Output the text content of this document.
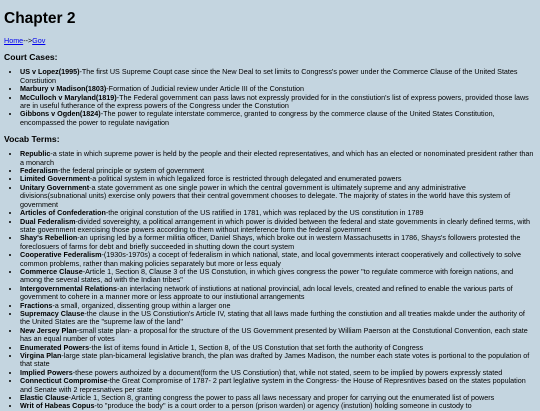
Chapter 2
Home-->Gov
Court Cases:
• US v Lopez(1995)-The first US Supreme Coupt case since the New Deal to set limits to Congress's power under the Commerce Clause of the United States Constiution
• Marbury v Madison(1803)-Formation of Judicial review under Article III of the Constution
• McCulloch v Maryland(1819)-The Federal government can pass laws not expressly provided for in the constiution's list of express powers, provided those laws are in useful futherance of the express powers of the Congress under the Constution
• Gibbons v Ogden(1824)-The power to regulate interstate commerce, granted to congress by the commerce clause of the United States Constitution, encompassed the power to regulate navigation
Vocab Terms:
• Republic-a state in which supreme power is held by the people and their elected representatives, and which has an elected or nonominated president rather than a monarch
• Federalism-the federal principle or system of government
• Limited Government-a political system in which legalized force is restricted through delegated and enumerated powers
• Unitary Government-a state government as one single power in which the central government is ultimately supreme and any administrative divisions(subnational units) exercise only powers that their central government chooses to delegate. The majority of states in the world have this system of government
• Articles of Confederation-the original constution of the US ratified in 1781, which was replaced by the US constitution in 1789
• Dual Federalism-divided sovereighty, a political arrangement in which power is divided between the federal and state governments in clearly defined terms, with state government exercising those powers according to them without interference form the federal government
• Shay's Rebellion-an uprising led by a former militia officer, Daniel Shays, which broke out in western Massachusetts in 1786, Shays's followers protested the foreclosuers of farms for debt and briefly succeeded in shutting down the court system
• Cooperative Federalism-(1930s-1970s) a cocept of federalism in which national, state, and local governments interact cooperatively and collectively to solve common problems, rather than making policies separately but more or less equaly
• Commerce Clause-Article 1, Section 8, Clause 3 of the US Constution, in which gives congress the power "to regulate commerce with foreign nations, and among the several states, ad with the Indian tribes"
• Intergovernmental Relations-an interlacing network of instiutions at national provincial, adn local levels, created and refined to enable the various parts of government to cohere in a manner more or less approate to our instiutional arrangements
• Fractions-a small, organized, dissenting group within a larger one
• Supremacy Clause-the clause in the US Constiution's Article IV, stating that all laws made furthing the constiution and all treaties makde under the authority of the United States are the "supreme law of the land"
• New Jersey Plan-small state plan- a proposal for the structure of the US Government presented by William Paerson at the Constutional Convention, each state has an equal number of votes
• Enumerated Powers-the list of items found in Article 1, Section 8, of the US Constution that set forth the authority of Congress
• Virgina Plan-large state plan-bicameral legislative branch, the plan was drafted by James Madison, the number each state votes is portional to the population of that state
• Implied Powers-these powers authoized by a document(form the US Constiution) that, while not stated, seem to be implied by powers expressly stated
• Connecticut Compromise-the Great Compromise of 1787- 2 part leglative system in the Congress- the House of Represntives based on the states population and Senate with 2 represnatives per state
• Elastic Clause-Article 1, Section 8, granting congress the power to pass all laws necessary and proper for carrying out the enumerated list of powers
• Writ of Habeas Copus-to "produce the body" is a court order to a person (prison warden) or agency (instution) holding someone in custody to
